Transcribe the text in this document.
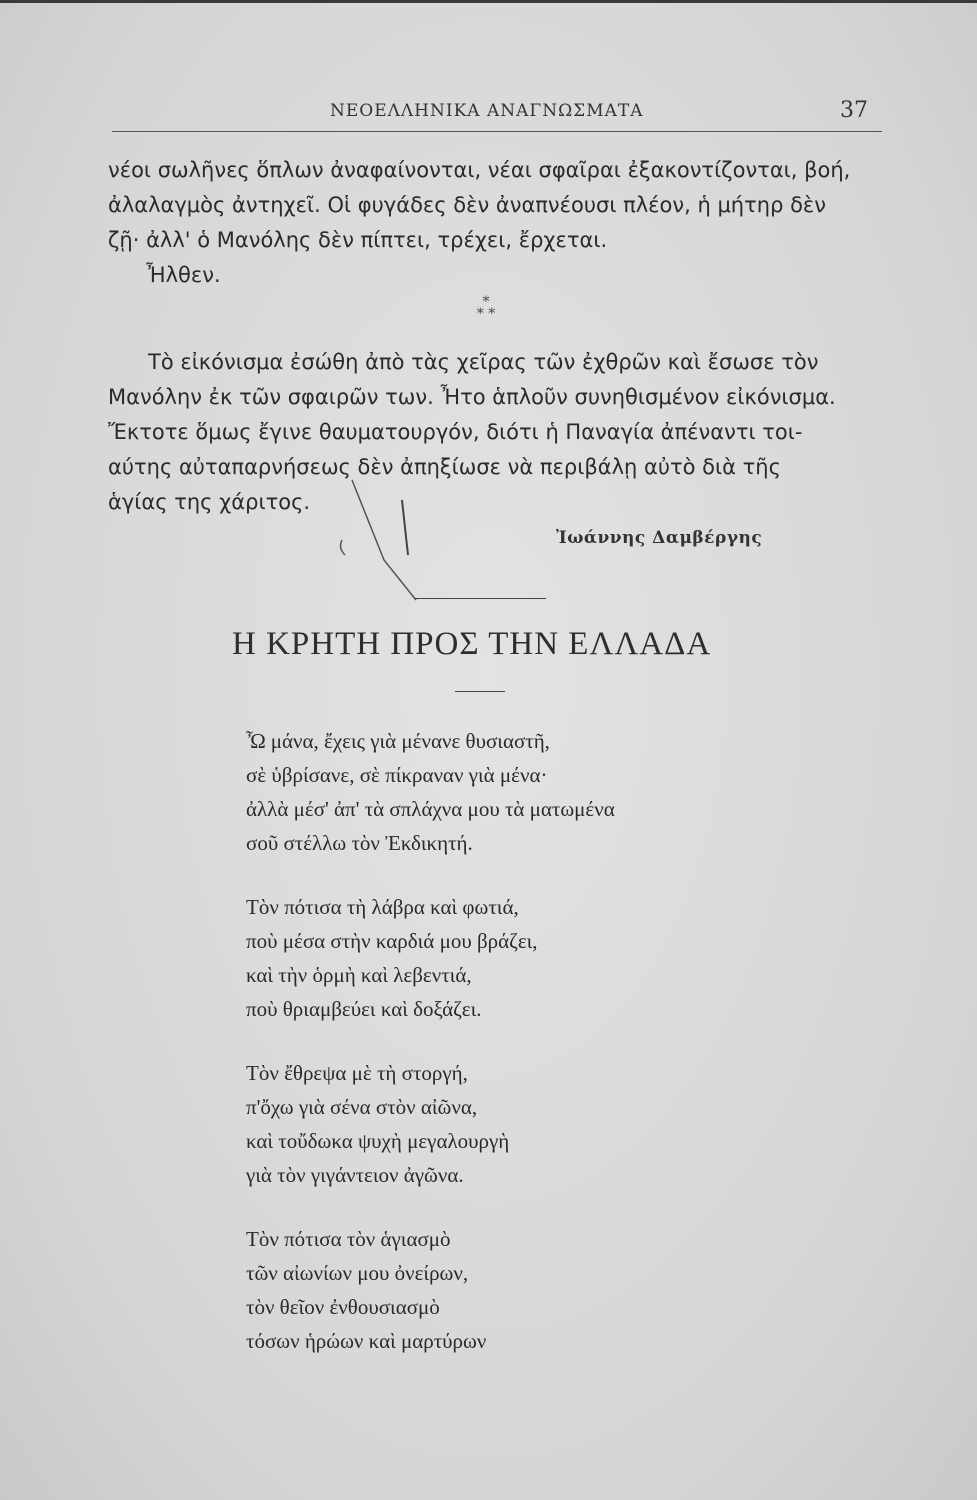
ΝΕΟΕΛΛΗΝΙΚΑ ΑΝΑΓΝΩΣΜΑΤΑ	37
νέοι σωλῆνες ὅπλων ἀναφαίνονται, νέαι σφαῖραι ἐξακοντίζονται, βοή,
ἀλαλαγμὸς ἀντηχεῖ. Οἱ φυγάδες δὲν ἀναπνέουσι πλέον, ἡ μήτηρ δὲν
ζῇ· ἀλλ' ὁ Μανόλης δὲν πίπτει, τρέχει, ἔρχεται.
Ἦλθεν.
*
* *
Τὸ εἰκόνισμα ἐσώθη ἀπὸ τὰς χεῖρας τῶν ἐχθρῶν καὶ ἔσωσε τὸν
Μανόλην ἐκ τῶν σφαιρῶν των. Ἦτο ἁπλοῦν συνηθισμένον εἰκόνισμα.
Ἔκτοτε ὅμως ἔγινε θαυματουργόν, διότι ἡ Παναγία ἀπέναντι τοι-
αύτης αὐταπαρνήσεως δὲν ἀπηξίωσε νὰ περιβάλῃ αὐτὸ διὰ τῆς
ἁγίας της χάριτος.
Ἰωάννης Δαμβέργης
Η ΚΡΗΤΗ ΠΡΟΣ ΤΗΝ ΕΛΛΑΔΑ
Ὦ μάνα, ἔχεις γιὰ μένανε θυσιαστῆ,
σὲ ὑβρίσανε, σὲ πίκραναν γιὰ μένα·
ἀλλὰ μέσ' ἀπ' τὰ σπλάχνα μου τὰ ματωμένα
σοῦ στέλλω τὸν Ἐκδικητή.
Τὸν πότισα τὴ λάβρα καὶ φωτιά,
ποὺ μέσα στὴν καρδιά μου βράζει,
καὶ τὴν ὁρμὴ καὶ λεβεντιά,
ποὺ θριαμβεύει καὶ δοξάζει.
Τὸν ἔθρεψα μὲ τὴ στοργή,
π'ὄχω γιὰ σένα στὸν αἰῶνα,
καὶ τοὔδωκα ψυχὴ μεγαλουργὴ
γιὰ τὸν γιγάντειον ἀγῶνα.
Τὸν πότισα τὸν ἁγιασμὸ
τῶν αἰωνίων μου ὀνείρων,
τὸν θεῖον ἐνθουσιασμὸ
τόσων ἡρώων καὶ μαρτύρων
